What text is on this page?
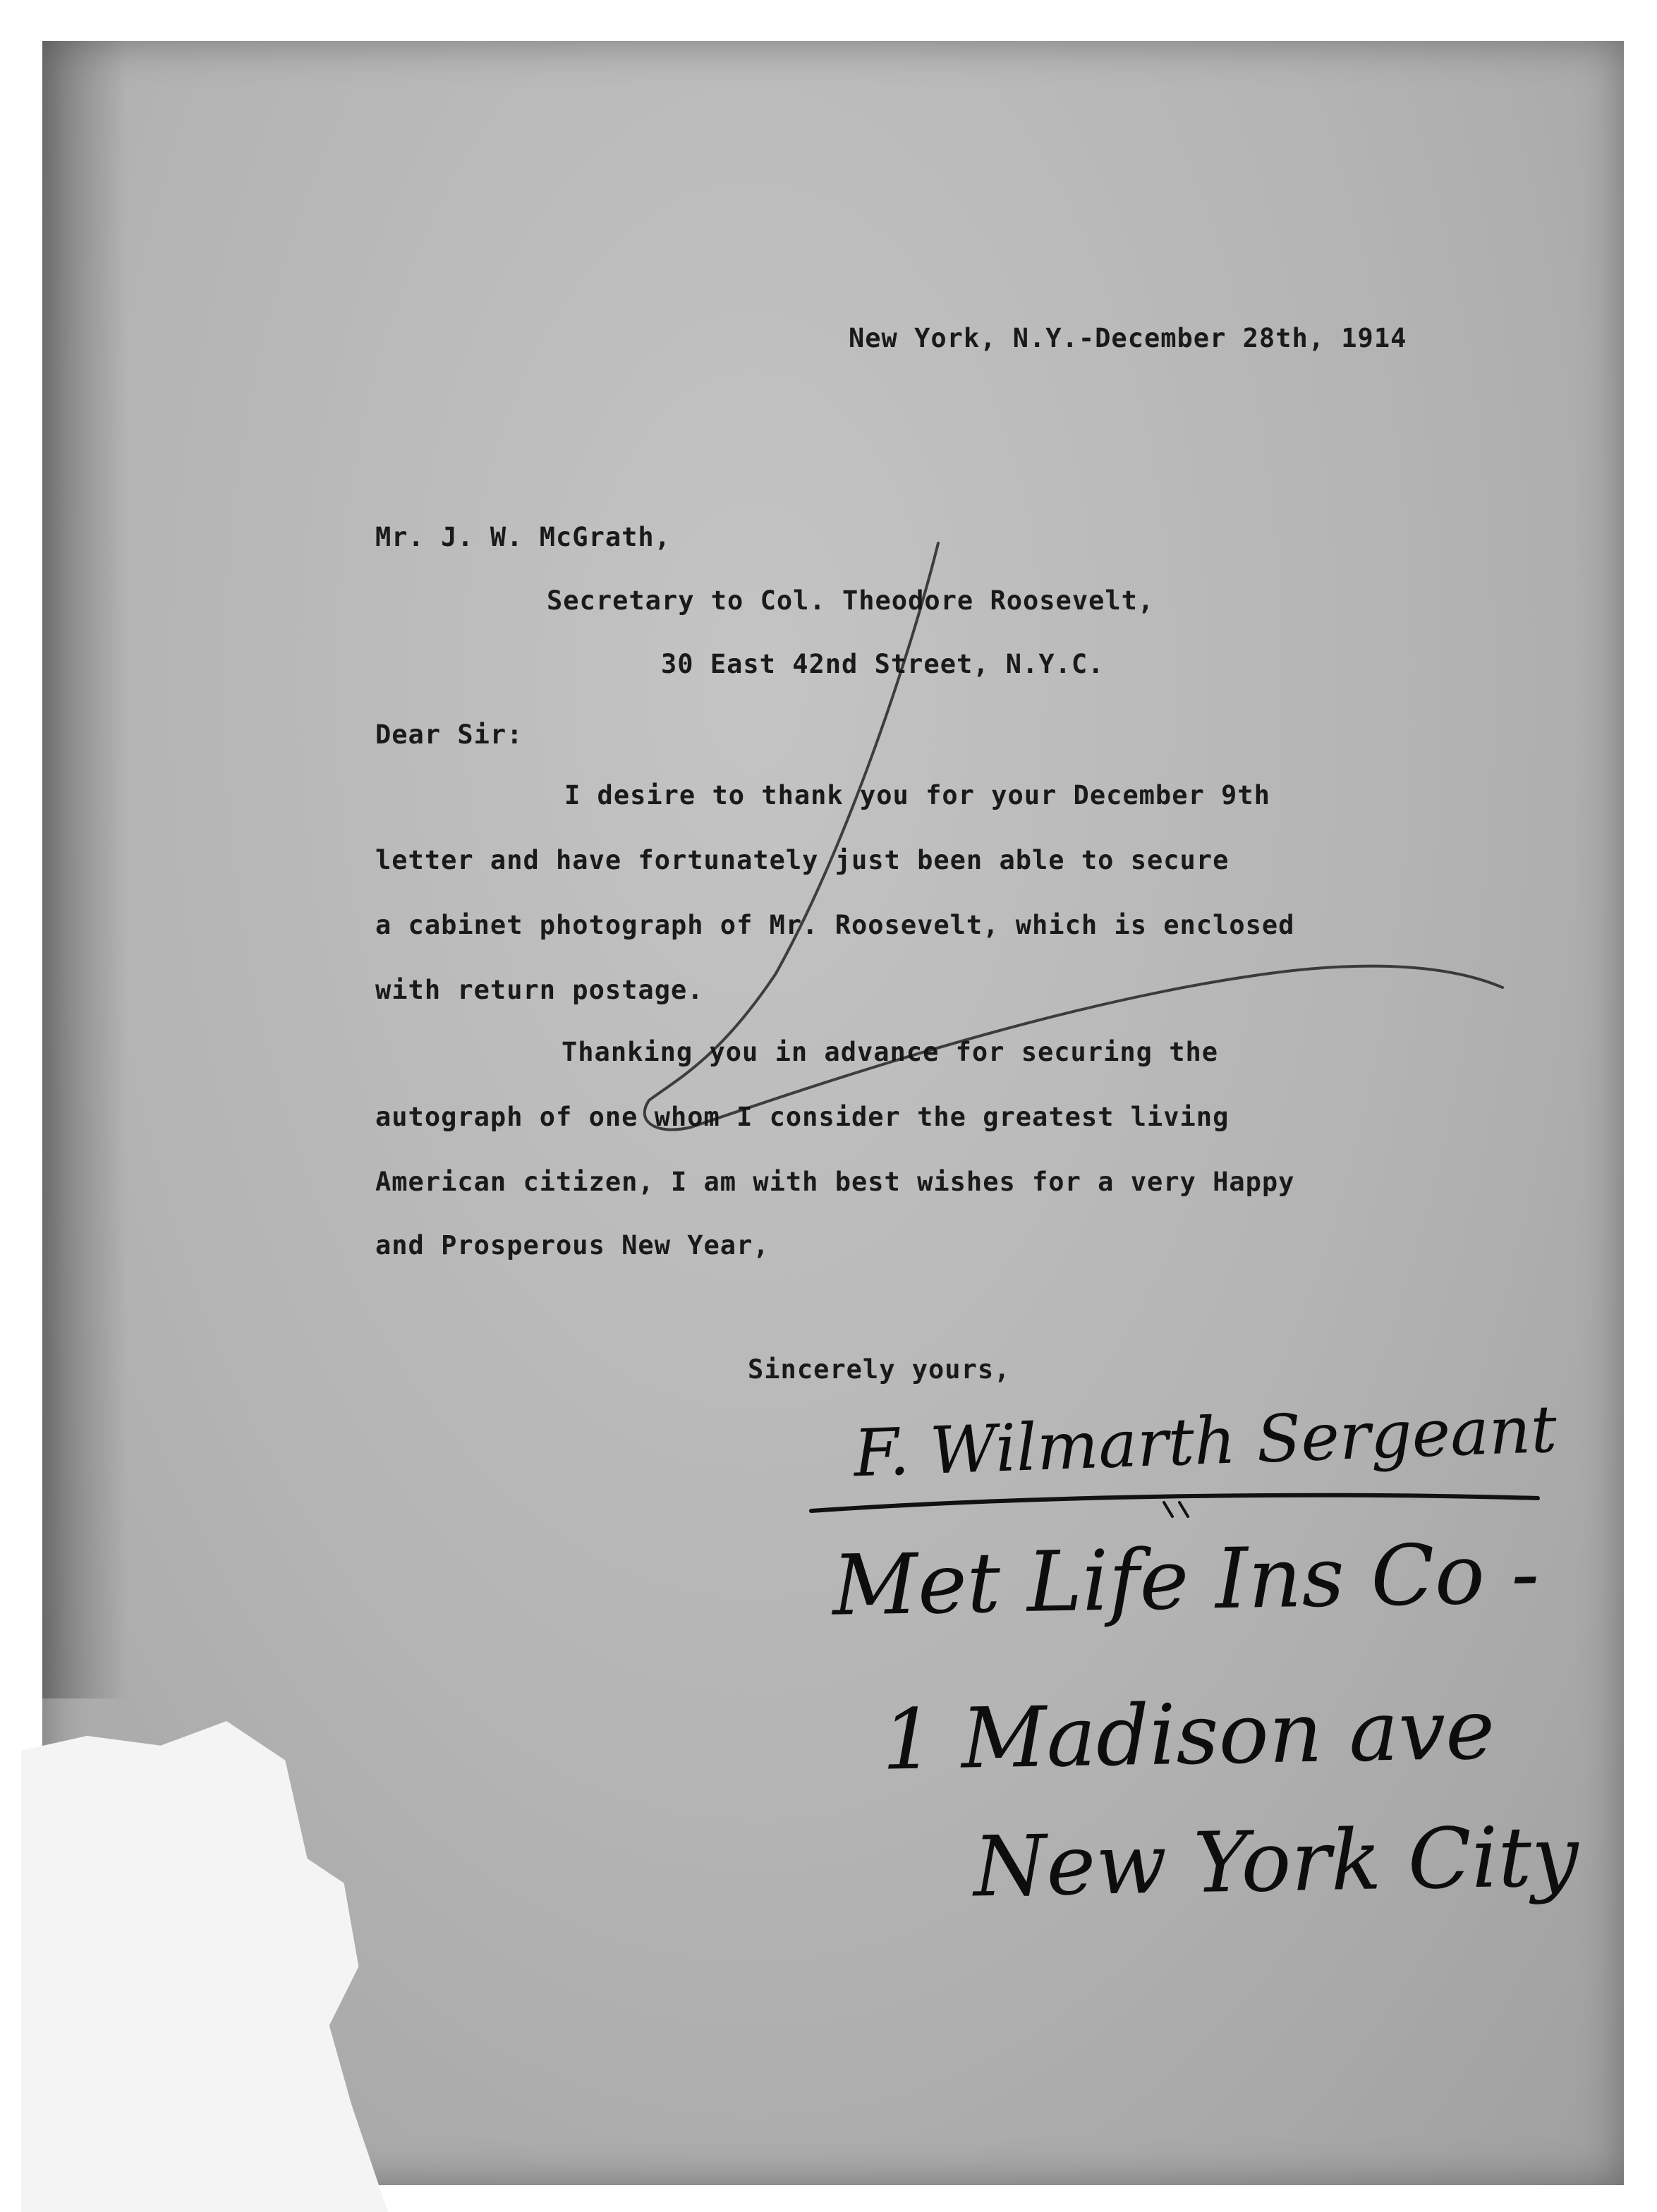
New York, N.Y.-December 28th, 1914
Mr. J. W. McGrath,
Secretary to Col. Theodore Roosevelt,
30 East 42nd Street, N.Y.C.
Dear Sir:
I desire to thank you for your December 9th
letter and have fortunately just been able to secure
a cabinet photograph of Mr. Roosevelt, which is enclosed
with return postage.
Thanking you in advance for securing the
autograph of one whom I consider the greatest living
American citizen, I am with best wishes for a very Happy
and Prosperous New Year,
Sincerely yours,
F. Wilmarth Sergeant
Met Life Ins Co -
1 Madison ave
New York City
